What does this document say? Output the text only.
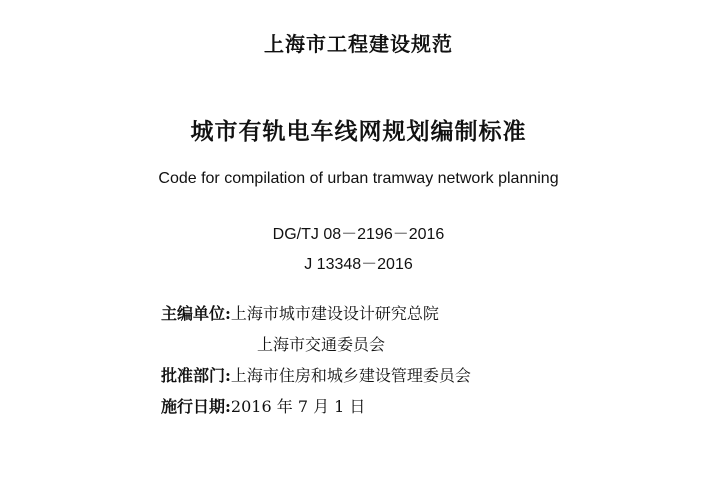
上海市工程建设规范
城市有轨电车线网规划编制标准
Code for compilation of urban tramway network planning
DG/TJ 08－2196－2016
J 13348－2016
主编单位:上海市城市建设设计研究总院
上海市交通委员会
批准部门:上海市住房和城乡建设管理委员会
施行日期:2016 年 7 月 1 日
